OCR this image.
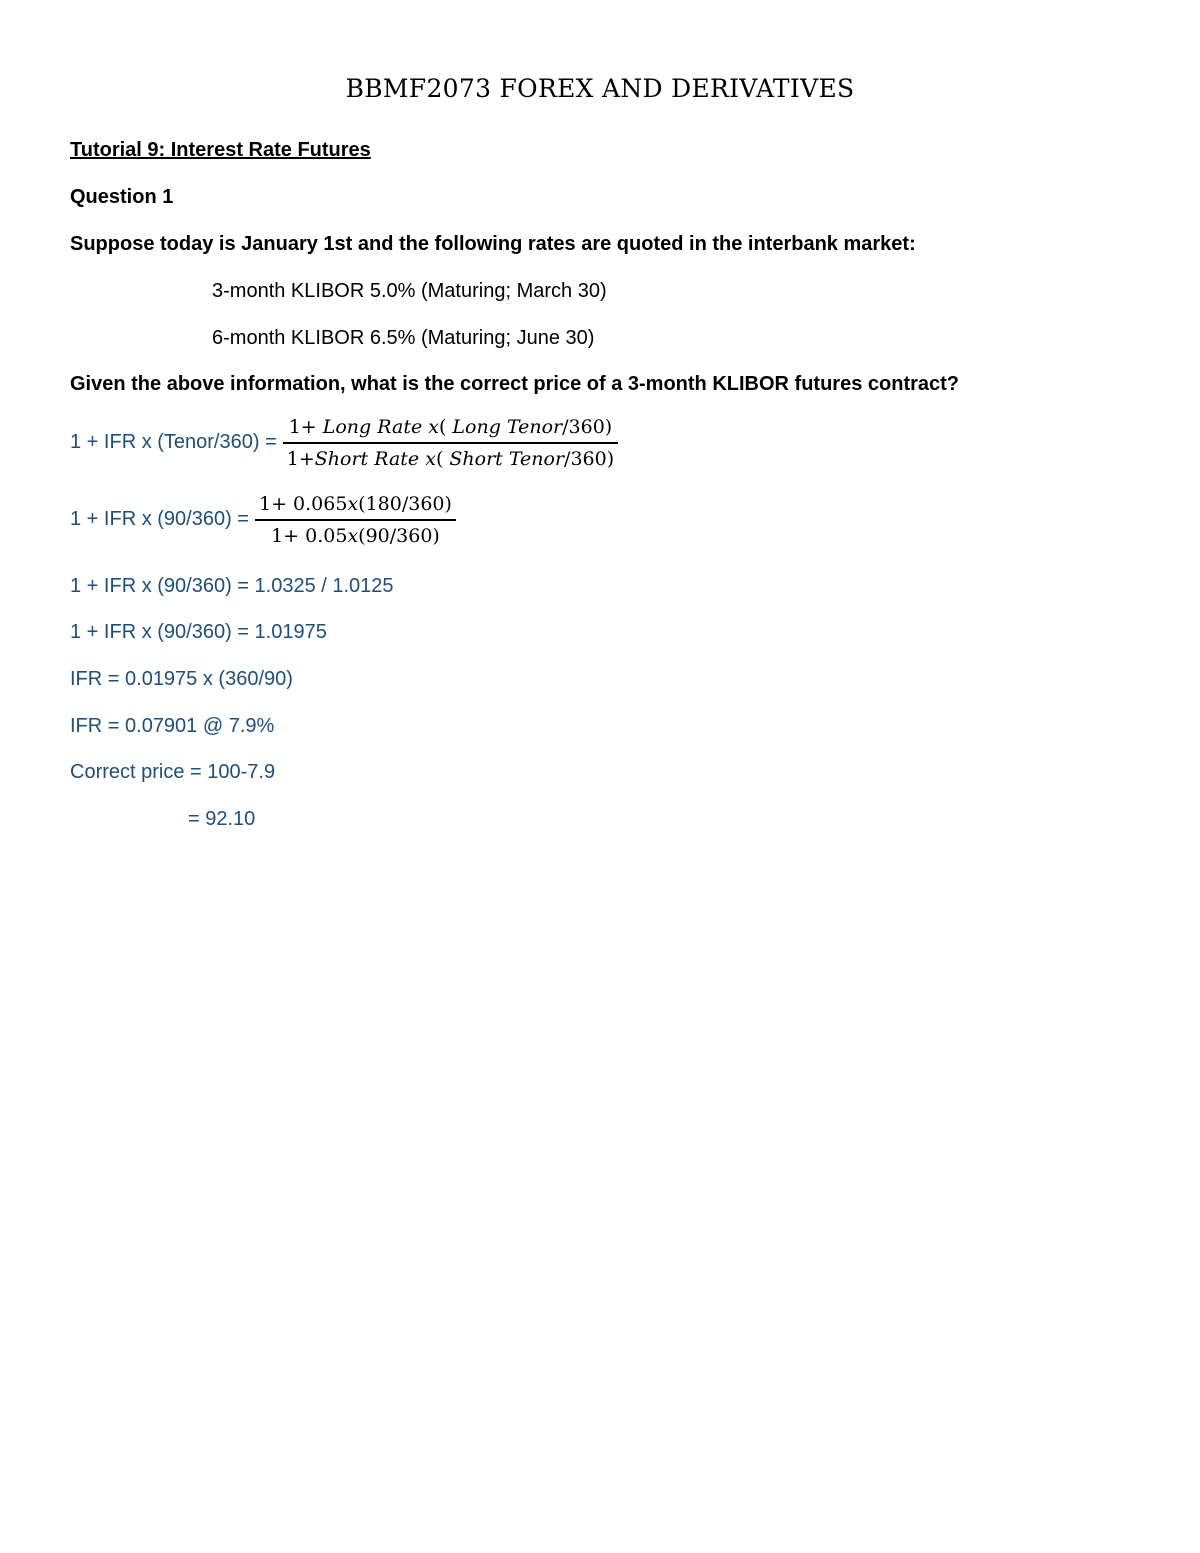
BBMF2073 FOREX AND DERIVATIVES
Tutorial 9: Interest Rate Futures
Question 1
Suppose today is January 1st and the following rates are quoted in the interbank market:
3-month KLIBOR 5.0% (Maturing; March 30)
6-month KLIBOR 6.5% (Maturing; June 30)
Given the above information, what is the correct price of a 3-month KLIBOR futures contract?
1 + IFR x (Tenor/360) = $\frac{\text{1+ Long Rate x( Long Tenor/360)}}{\text{1+Short Rate x( Short Tenor/360)}}$
1 + IFR x $(90/360) = \frac{1+ 0.065x(180/360)}{1+ 0.05x(90/360)}$
1 + IFR x (90/360) = 1.0325 / 1.0125
1 + IFR x (90/360) = 1.01975
IFR = 0.01975 x (360/90)
IFR = 0.07901 @ 7.9%
Correct price = 100-7.9
= 92.10
